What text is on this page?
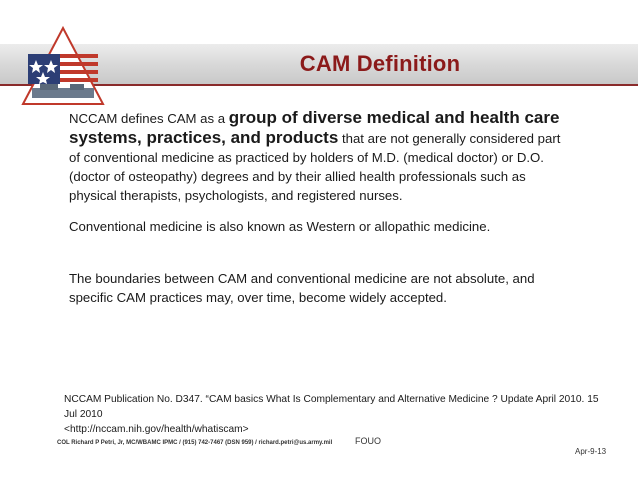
CAM Definition

NCCAM defines CAM as a group of diverse medical and health care systems, practices, and products that are not generally considered part of conventional medicine as practiced by holders of M.D. (medical doctor) or D.O. (doctor of osteopathy) degrees and by their allied health professionals such as physical therapists, psychologists, and registered nurses.

Conventional medicine is also known as Western or allopathic medicine.

The boundaries between CAM and conventional medicine are not absolute, and specific CAM practices may, over time, become widely accepted.

NCCAM Publication No. D347. “CAM basics What Is Complementary and Alternative Medicine ? Update April 2010. 15 Jul 2010
<http://nccam.nih.gov/health/whatiscam>
COL Richard P Petri, Jr, MC/WBAMC IPMC / (915) 742-7467 (DSN 959) / richard.petri@us.army.mil	FOUO
Apr-9-13
